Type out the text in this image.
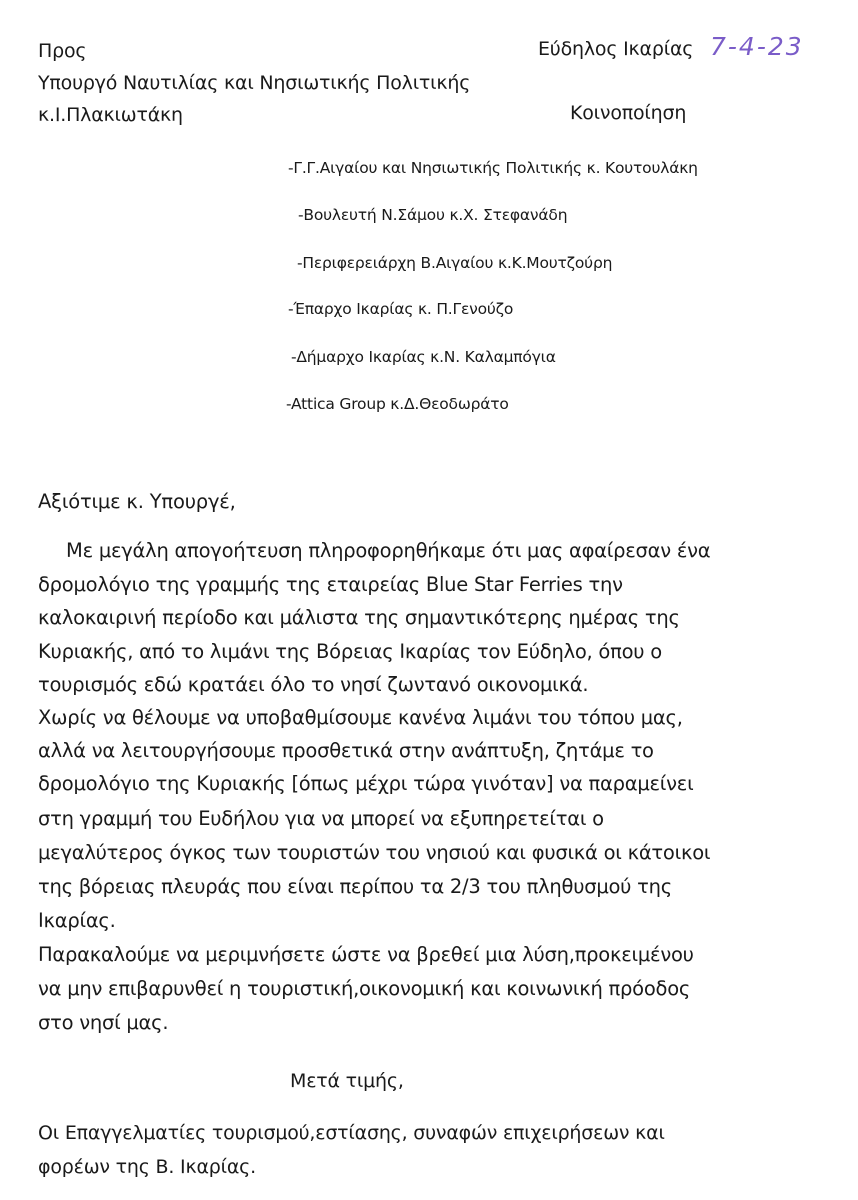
Προς
Υπουργό Ναυτιλίας και Νησιωτικής Πολιτικής
κ.Ι.Πλακιωτάκη
Εύδηλος Ικαρίας 7-4-23
Κοινοποίηση
-Γ.Γ.Αιγαίου και Νησιωτικής Πολιτικής κ. Κουτουλάκη
-Βουλευτή Ν.Σάμου κ.Χ. Στεφανάδη
-Περιφερειάρχη Β.Αιγαίου κ.Κ.Μουτζούρη
-Έπαρχο Ικαρίας κ. Π.Γενούζο
-Δήμαρχο Ικαρίας κ.Ν. Καλαμπόγια
-Attica Group κ.Δ.Θεοδωράτο
Αξιότιμε κ. Υπουργέ,
Με μεγάλη απογοήτευση πληροφορηθήκαμε ότι μας αφαίρεσαν ένα
δρομολόγιο της γραμμής της εταιρείας Blue Star Ferries την
καλοκαιρινή περίοδο και μάλιστα της σημαντικότερης ημέρας της
Κυριακής, από το λιμάνι της Βόρειας Ικαρίας τον Εύδηλο, όπου ο
τουρισμός εδώ κρατάει όλο το νησί ζωντανό οικονομικά.
Χωρίς να θέλουμε να υποβαθμίσουμε κανένα λιμάνι του τόπου μας,
αλλά να λειτουργήσουμε προσθετικά στην ανάπτυξη, ζητάμε το
δρομολόγιο της Κυριακής [όπως μέχρι τώρα γινόταν] να παραμείνει
στη γραμμή του Ευδήλου για να μπορεί να εξυπηρετείται ο
μεγαλύτερος όγκος των τουριστών του νησιού και φυσικά οι κάτοικοι
της βόρειας πλευράς που είναι περίπου τα 2/3 του πληθυσμού της
Ικαρίας.
Παρακαλούμε να μεριμνήσετε ώστε να βρεθεί μια λύση,προκειμένου
να μην επιβαρυνθεί η τουριστική,οικονομική και κοινωνική πρόοδος
στο νησί μας.
Μετά τιμής,
Οι Επαγγελματίες τουρισμού,εστίασης, συναφών επιχειρήσεων και
φορέων της Β. Ικαρίας.
